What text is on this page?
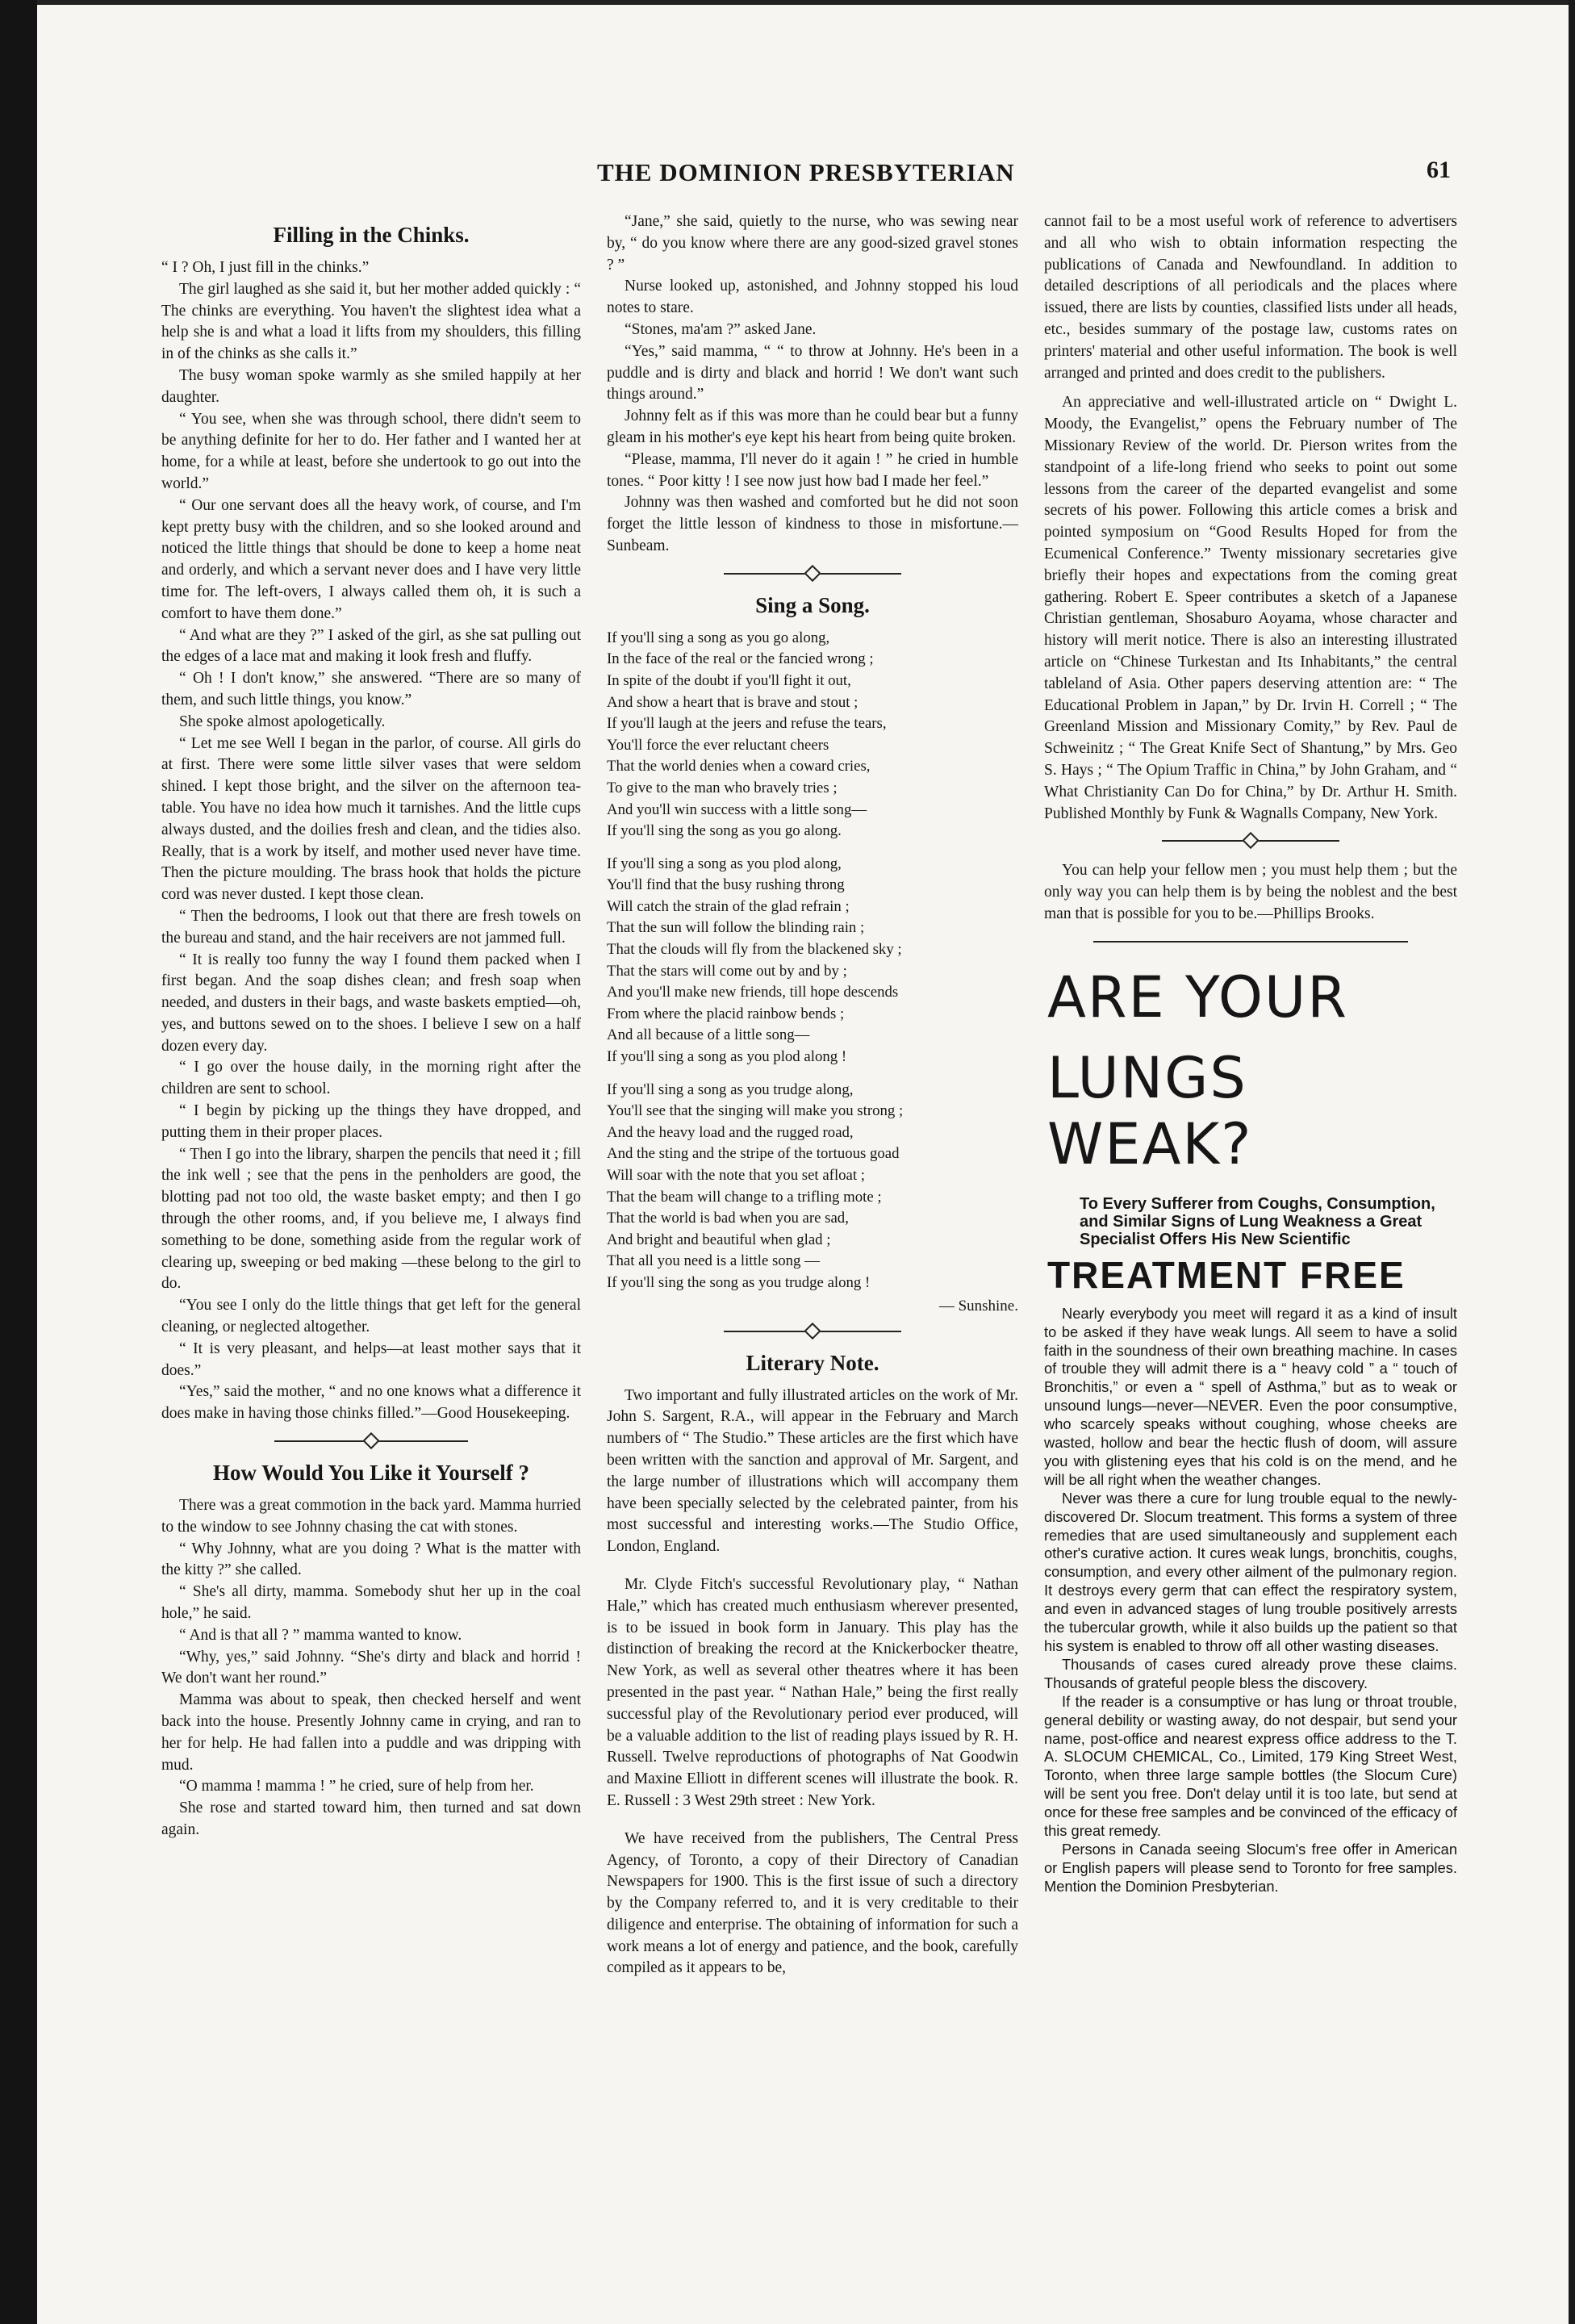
THE DOMINION PRESBYTERIAN	61
Filling in the Chinks.

“ I ? Oh, I just fill in the chinks.”

The girl laughed as she said it, but her mother added quickly : “ The chinks are everything. You haven't the slightest idea what a help she is and what a load it lifts from my shoulders, this filling in of the chinks as she calls it.”

The busy woman spoke warmly as she smiled happily at her daughter.

“ You see, when she was through school, there didn't seem to be anything definite for her to do. Her father and I wanted her at home, for a while at least, before she undertook to go out into the world.”

“ Our one servant does all the heavy work, of course, and I'm kept pretty busy with the children, and so she looked around and noticed the little things that should be done to keep a home neat and orderly, and which a servant never does and I have very little time for. The left-overs, I always called them oh, it is such a comfort to have them done.”

“ And what are they ?” I asked of the girl, as she sat pulling out the edges of a lace mat and making it look fresh and fluffy.

“ Oh ! I don't know,” she answered. “There are so many of them, and such little things, you know.”

She spoke almost apologetically.

“ Let me see Well I began in the parlor, of course. All girls do at first. There were some little silver vases that were seldom shined. I kept those bright, and the silver on the afternoon tea-table. You have no idea how much it tarnishes. And the little cups always dusted, and the doilies fresh and clean, and the tidies also. Really, that is a work by itself, and mother used never have time. Then the picture moulding. The brass hook that holds the picture cord was never dusted. I kept those clean.

“ Then the bedrooms, I look out that there are fresh towels on the bureau and stand, and the hair receivers are not jammed full.

“ It is really too funny the way I found them packed when I first began. And the soap dishes clean; and fresh soap when needed, and dusters in their bags, and waste baskets emptied—oh, yes, and buttons sewed on to the shoes. I believe I sew on a half dozen every day.

“ I go over the house daily, in the morning right after the children are sent to school.

“ I begin by picking up the things they have dropped, and putting them in their proper places.

“ Then I go into the library, sharpen the pencils that need it ; fill the ink well ; see that the pens in the penholders are good, the blotting pad not too old, the waste basket empty; and then I go through the other rooms, and, if you believe me, I always find something to be done, something aside from the regular work of clearing up, sweeping or bed making —these belong to the girl to do.

“You see I only do the little things that get left for the general cleaning, or neglected altogether.

“ It is very pleasant, and helps—at least mother says that it does.”

“Yes,” said the mother, “ and no one knows what a difference it does make in having those chinks filled.”—Good Housekeeping.

How Would You Like it Yourself ?

There was a great commotion in the back yard. Mamma hurried to the window to see Johnny chasing the cat with stones.

“ Why Johnny, what are you doing ? What is the matter with the kitty ?” she called.

“ She's all dirty, mamma. Somebody shut her up in the coal hole,” he said.

“ And is that all ? ” mamma wanted to know.

“Why, yes,” said Johnny. “She's dirty and black and horrid ! We don't want her round.”

Mamma was about to speak, then checked herself and went back into the house. Presently Johnny came in crying, and ran to her for help. He had fallen into a puddle and was dripping with mud.

“O mamma ! mamma ! ” he cried, sure of help from her.

She rose and started toward him, then turned and sat down again.

“Jane,” she said, quietly to the nurse, who was sewing near by, “ do you know where there are any good-sized gravel stones ? ”

Nurse looked up, astonished, and Johnny stopped his loud notes to stare.

“Stones, ma'am ?” asked Jane.

“Yes,” said mamma, “ “ to throw at Johnny. He's been in a puddle and is dirty and black and horrid ! We don't want such things around.”

Johnny felt as if this was more than he could bear but a funny gleam in his mother's eye kept his heart from being quite broken.

“Please, mamma, I'll never do it again ! ” he cried in humble tones. “ Poor kitty ! I see now just how bad I made her feel.”

Johnny was then washed and comforted but he did not soon forget the little lesson of kindness to those in misfortune.—Sunbeam.

Sing a Song.
If you'll sing a song as you go along,
In the face of the real or the fancied wrong ;
In spite of the doubt if you'll fight it out,
And show a heart that is brave and stout ;
If you'll laugh at the jeers and refuse the tears,
You'll force the ever reluctant cheers
That the world denies when a coward cries,
To give to the man who bravely tries ;
And you'll win success with a little song—
If you'll sing the song as you go along.
If you'll sing a song as you plod along,
You'll find that the busy rushing throng
Will catch the strain of the glad refrain ;
That the sun will follow the blinding rain ;
That the clouds will fly from the blackened sky ;
That the stars will come out by and by ;
And you'll make new friends, till hope descends
From where the placid rainbow bends ;
And all because of a little song—
If you'll sing a song as you plod along !
If you'll sing a song as you trudge along,
You'll see that the singing will make you strong ;
And the heavy load and the rugged road,
And the sting and the stripe of the tortuous goad
Will soar with the note that you set afloat ;
That the beam will change to a trifling mote ;
That the world is bad when you are sad,
And bright and beautiful when glad ;
That all you need is a little song —
If you'll sing the song as you trudge along !
— Sunshine.
Literary Note.

Two important and fully illustrated articles on the work of Mr. John S. Sargent, R.A., will appear in the February and March numbers of “ The Studio.” These articles are the first which have been written with the sanction and approval of Mr. Sargent, and the large number of illustrations which will accompany them have been specially selected by the celebrated painter, from his most successful and interesting works.—The Studio Office, London, England.

Mr. Clyde Fitch's successful Revolutionary play, “ Nathan Hale,” which has created much enthusiasm wherever presented, is to be issued in book form in January. This play has the distinction of breaking the record at the Knickerbocker theatre, New York, as well as several other theatres where it has been presented in the past year. “ Nathan Hale,” being the first really successful play of the Revolutionary period ever produced, will be a valuable addition to the list of reading plays issued by R. H. Russell. Twelve reproductions of photographs of Nat Goodwin and Maxine Elliott in different scenes will illustrate the book. R. E. Russell : 3 West 29th street : New York.

We have received from the publishers, The Central Press Agency, of Toronto, a copy of their Directory of Canadian Newspapers for 1900. This is the first issue of such a directory by the Company referred to, and it is very creditable to their diligence and enterprise. The obtaining of information for such a work means a lot of energy and patience, and the book, carefully compiled as it appears to be,

cannot fail to be a most useful work of reference to advertisers and all who wish to obtain information respecting the publications of Canada and Newfoundland. In addition to detailed descriptions of all periodicals and the places where issued, there are lists by counties, classified lists under all heads, etc., besides summary of the postage law, customs rates on printers' material and other useful information. The book is well arranged and printed and does credit to the publishers.

An appreciative and well-illustrated article on “ Dwight L. Moody, the Evangelist,” opens the February number of The Missionary Review of the world. Dr. Pierson writes from the standpoint of a life-long friend who seeks to point out some lessons from the career of the departed evangelist and some secrets of his power. Following this article comes a brisk and pointed symposium on “Good Results Hoped for from the Ecumenical Conference.” Twenty missionary secretaries give briefly their hopes and expectations from the coming great gathering. Robert E. Speer contributes a sketch of a Japanese Christian gentleman, Shosaburo Aoyama, whose character and history will merit notice. There is also an interesting illustrated article on “Chinese Turkestan and Its Inhabitants,” the central tableland of Asia. Other papers deserving attention are: “ The Educational Problem in Japan,” by Dr. Irvin H. Correll ; “ The Greenland Mission and Missionary Comity,” by Rev. Paul de Schweinitz ; “ The Great Knife Sect of Shantung,” by Mrs. Geo S. Hays ; “ The Opium Traffic in China,” by John Graham, and “ What Christianity Can Do for China,” by Dr. Arthur H. Smith. Published Monthly by Funk & Wagnalls Company, New York.

You can help your fellow men ; you must help them ; but the only way you can help them is by being the noblest and the best man that is possible for you to be.—Phillips Brooks.

ARE YOUR
LUNGS WEAK?
To Every Sufferer from Coughs, Consumption, and Similar Signs of Lung Weakness a Great Specialist Offers His New Scientific
TREATMENT FREE

Nearly everybody you meet will regard it as a kind of insult to be asked if they have weak lungs. All seem to have a solid faith in the soundness of their own breathing machine. In cases of trouble they will admit there is a “ heavy cold ” a “ touch of Bronchitis,” or even a “ spell of Asthma,” but as to weak or unsound lungs—never—NEVER. Even the poor consumptive, who scarcely speaks without coughing, whose cheeks are wasted, hollow and bear the hectic flush of doom, will assure you with glistening eyes that his cold is on the mend, and he will be all right when the weather changes.

Never was there a cure for lung trouble equal to the newly-discovered Dr. Slocum treatment. This forms a system of three remedies that are used simultaneously and supplement each other's curative action. It cures weak lungs, bronchitis, coughs, consumption, and every other ailment of the pulmonary region. It destroys every germ that can effect the respiratory system, and even in advanced stages of lung trouble positively arrests the tubercular growth, while it also builds up the patient so that his system is enabled to throw off all other wasting diseases.

Thousands of cases cured already prove these claims. Thousands of grateful people bless the discovery.

If the reader is a consumptive or has lung or throat trouble, general debility or wasting away, do not despair, but send your name, post-office and nearest express office address to the T. A. SLOCUM CHEMICAL, Co., Limited, 179 King Street West, Toronto, when three large sample bottles (the Slocum Cure) will be sent you free. Don't delay until it is too late, but send at once for these free samples and be convinced of the efficacy of this great remedy.

Persons in Canada seeing Slocum's free offer in American or English papers will please send to Toronto for free samples. Mention the Dominion Presbyterian.
